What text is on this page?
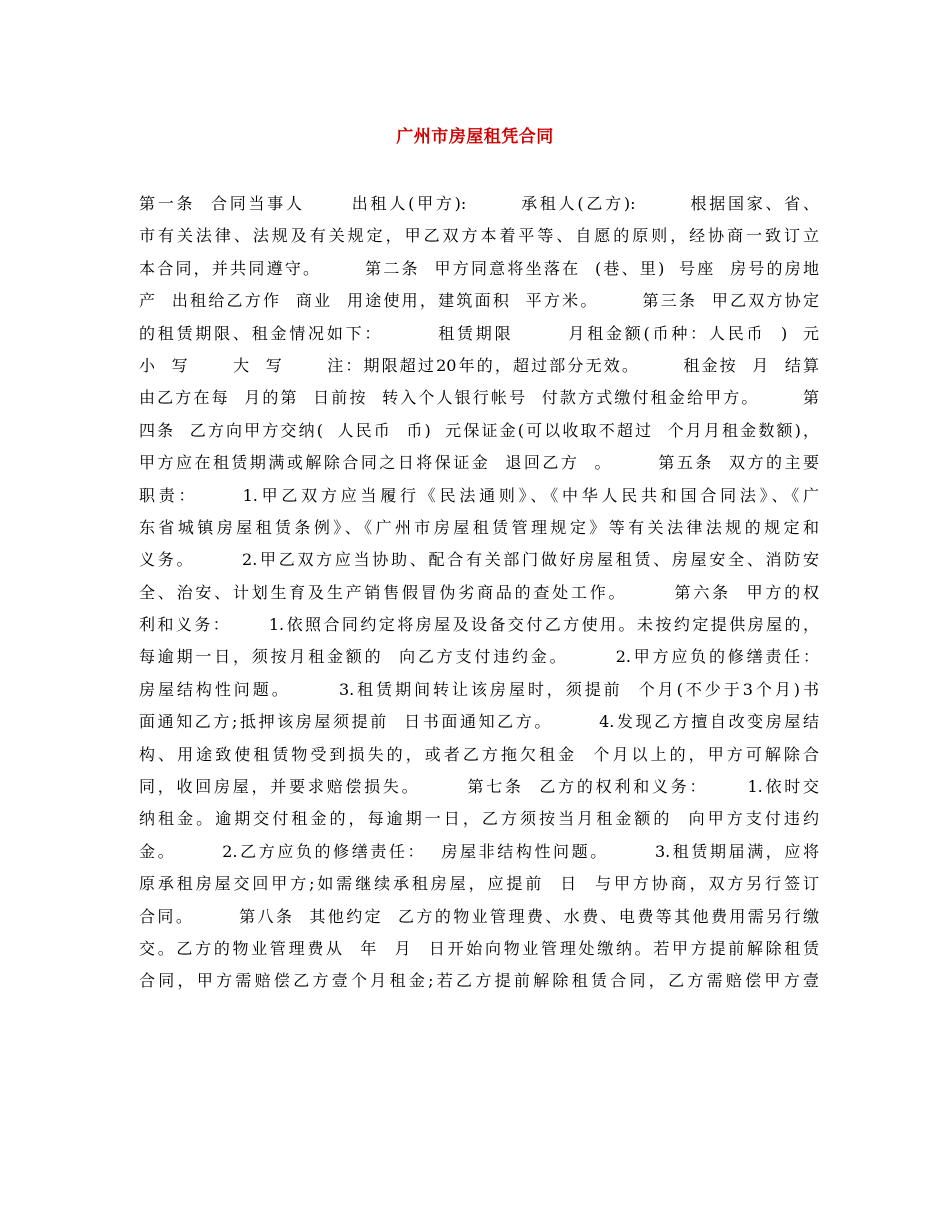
广州市房屋租凭合同
第一条  合同当事人      出租人(甲方):       承租人(乙方):       根据国家、省、
市有关法律、法规及有关规定，甲乙双方本着平等、自愿的原则，经协商一致订立
本合同，并共同遵守。      第二条  甲方同意将坐落在  (巷、里)  号座  房号的房地
产  出租给乙方作  商业  用途使用，建筑面积  平方米。      第三条  甲乙双方协定
的租赁期限、租金情况如下：       租赁期限       月租金额(币种：人民币  )  元
小  写      大  写      注：期限超过20年的，超过部分无效。      租金按  月  结算
由乙方在每  月的第  日前按  转入个人银行帐号  付款方式缴付租金给甲方。      第
四条  乙方向甲方交纳(  人民币  币)  元保证金(可以收取不超过  个月月租金数额)，
甲方应在租赁期满或解除合同之日将保证金  退回乙方  。      第五条  双方的主要
职责：     1.甲乙双方应当履行《民法通则》、《中华人民共和国合同法》、《广
东省城镇房屋租赁条例》、《广州市房屋租赁管理规定》等有关法律法规的规定和
义务。      2.甲乙双方应当协助、配合有关部门做好房屋租赁、房屋安全、消防安
全、治安、计划生育及生产销售假冒伪劣商品的查处工作。      第六条  甲方的权
利和义务：     1.依照合同约定将房屋及设备交付乙方使用。未按约定提供房屋的，
每逾期一日，须按月租金额的  向乙方支付违约金。      2.甲方应负的修缮责任：
房屋结构性问题。      3.租赁期间转让该房屋时，须提前  个月(不少于3个月)书
面通知乙方;抵押该房屋须提前  日书面通知乙方。      4.发现乙方擅自改变房屋结
构、用途致使租赁物受到损失的，或者乙方拖欠租金  个月以上的，甲方可解除合
同，收回房屋，并要求赔偿损失。      第七条  乙方的权利和义务：     1.依时交
纳租金。逾期交付租金的，每逾期一日，乙方须按当月租金额的  向甲方支付违约
金。      2.乙方应负的修缮责任：  房屋非结构性问题。      3.租赁期届满，应将
原承租房屋交回甲方;如需继续承租房屋，应提前  日  与甲方协商，双方另行签订
合同。      第八条  其他约定  乙方的物业管理费、水费、电费等其他费用需另行缴
交。乙方的物业管理费从  年  月  日开始向物业管理处缴纳。若甲方提前解除租赁
合同，甲方需赔偿乙方壹个月租金;若乙方提前解除租赁合同，乙方需赔偿甲方壹
